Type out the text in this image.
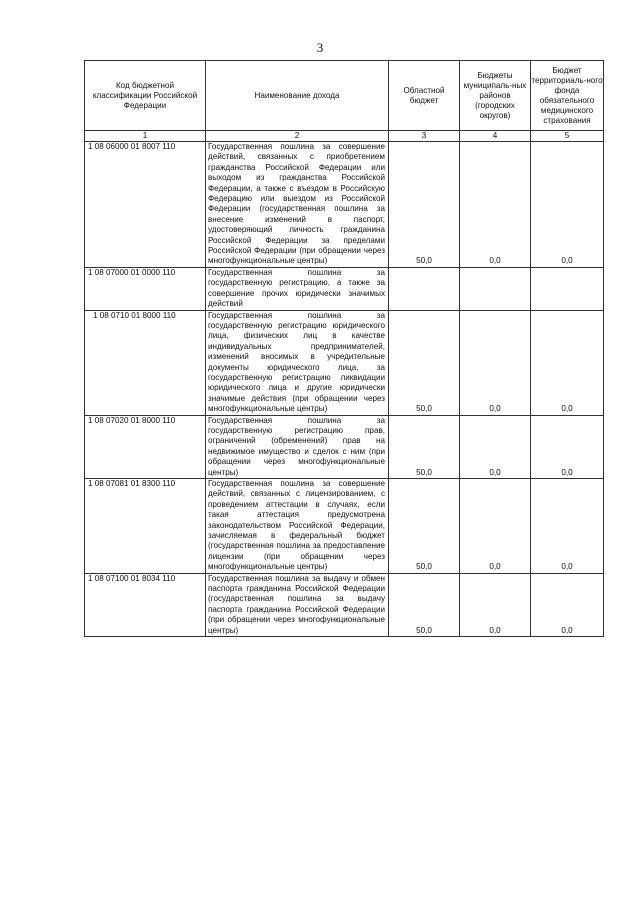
3
Код бюджетной классификации Российской Федерации	Наименование дохода	Областной бюджет	Бюджеты муниципаль-ных районов (городских округов)	Бюджет территориаль-ного фонда обязательного медицинского страхования
1	2	3	4	5
1 08 06000 01 8007 110	Государственная пошлина за совершение действий, связанных с приобретением гражданства Российской Федерации или выходом из гражданства Российской Федерации, а также с въездом в Российскую Федерацию или выездом из Российской Федерации (государственная пошлина за внесение изменений в паспорт, удостоверяющий личность гражданина Российской Федерации за пределами Российской Федерации (при обращении через многофункциональные центры)	50,0	0,0	0,0
1 08 07000 01 0000 110	Государственная пошлина за государственную регистрацию, а также за совершение прочих юридически значимых действий			
1 08 0710 01 8000 110	Государственная пошлина за государственную регистрацию юридического лица, физических лиц в качестве индивидуальных предпринимателей, изменений вносимых в учредительные документы юридического лица, за государственную регистрацию ликвидации юридического лица и другие юридически значимые действия (при обращении через многофункциональные центры)	50,0	0,0	0,0
1 08 07020 01 8000 110	Государственная пошлина за государственную регистрацию прав, ограничений (обременений) прав на недвижимое имущество и сделок с ним (при обращении через многофункциональные центры)	50,0	0,0	0,0
1 08 07081 01 8300 110	Государственная пошлина за совершение действий, связанных с лицензированием, с проведением аттестации в случаях, если такая аттестация предусмотрена законодательством Российской Федерации, зачисляемая в федеральный бюджет (государственная пошлина за предоставление лицензии (при обращении через многофункциональные центры)	50,0	0,0	0,0
1 08 07100 01 8034 110	Государственная пошлина за выдачу и обмен паспорта гражданина Российской Федерации (государственная пошлина за выдачу паспорта гражданина Российской Федерации (при обращении через многофункциональные центры)	50,0	0,0	0,0
